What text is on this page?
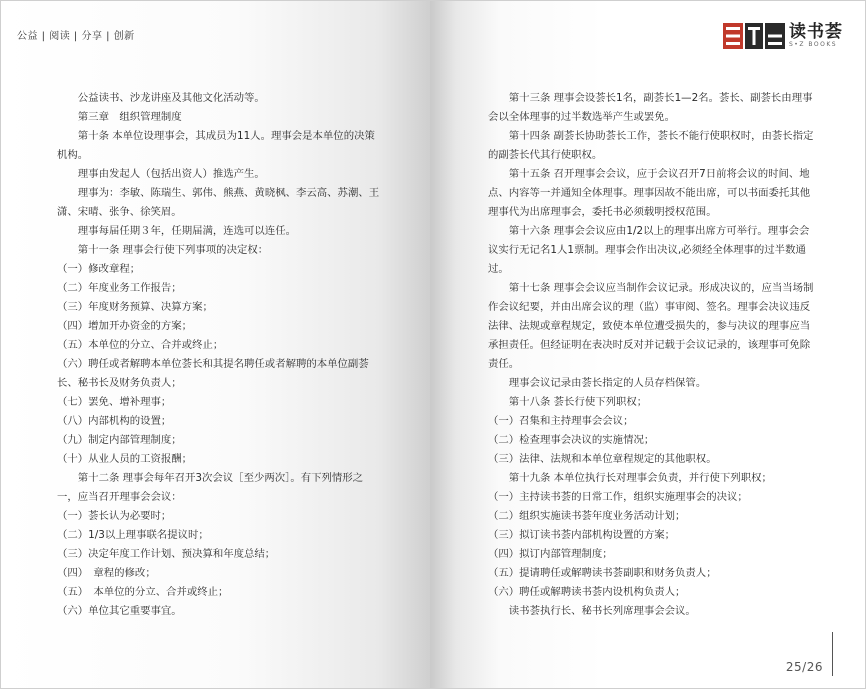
公益 | 阅读 | 分享 | 创新

公益读书、沙龙讲座及其他文化活动等。

第三章　组织管理制度

第十条 本单位设理事会，其成员为11人。理事会是本单位的决策机构。

理事由发起人（包括出资人）推选产生。

理事为：李敏、陈瑞生、郭伟、熊燕、黄晓枫、李云高、苏潮、王潇、宋晴、张争、徐笑眉。

理事每届任期３年，任期届满，连选可以连任。

第十一条 理事会行使下列事项的决定权：

（一）修改章程；

（二）年度业务工作报告；

（三）年度财务预算、决算方案；

（四）增加开办资金的方案；

（五）本单位的分立、合并或终止；

（六）聘任或者解聘本单位荟长和其提名聘任或者解聘的本单位副荟长、秘书长及财务负责人；

（七）罢免、增补理事；

（八）内部机构的设置；

（九）制定内部管理制度；

（十）从业人员的工资报酬；

第十二条 理事会每年召开3次会议［至少两次］。有下列情形之一，应当召开理事会会议：

（一）荟长认为必要时；

（二）1/3以上理事联名提议时；

（三）决定年度工作计划、预决算和年度总结；

（四）　章程的修改；

（五）　本单位的分立、合并或终止；

（六）单位其它重要事宜。

读书荟
S•Z BOOKS

第十三条 理事会设荟长1名，副荟长1—2名。荟长、副荟长由理事会以全体理事的过半数选举产生或罢免。

第十四条 副荟长协助荟长工作，荟长不能行使职权时，由荟长指定的副荟长代其行使职权。

第十五条 召开理事会会议，应于会议召开7日前将会议的时间、地点、内容等一并通知全体理事。理事因故不能出席，可以书面委托其他理事代为出席理事会，委托书必须载明授权范围。

第十六条 理事会会议应由1/2以上的理事出席方可举行。理事会会议实行无记名1人1票制。理事会作出决议,必须经全体理事的过半数通过。

第十七条 理事会会议应当制作会议记录。形成决议的，应当当场制作会议纪要，并由出席会议的理（监）事审阅、签名。理事会决议违反法律、法规或章程规定，致使本单位遭受损失的，参与决议的理事应当承担责任。但经证明在表决时反对并记载于会议记录的，该理事可免除责任。

理事会议记录由荟长指定的人员存档保管。

第十八条 荟长行使下列职权；

（一）召集和主持理事会会议；

（二）检查理事会决议的实施情况；

（三）法律、法规和本单位章程规定的其他职权。

第十九条 本单位执行长对理事会负责，并行使下列职权；

（一）主持读书荟的日常工作，组织实施理事会的决议；

（二）组织实施读书荟年度业务活动计划；

（三）拟订读书荟内部机构设置的方案；

（四）拟订内部管理制度；

（五）提请聘任或解聘读书荟副职和财务负责人；

（六）聘任或解聘读书荟内设机构负责人；

读书荟执行长、秘书长列席理事会会议。

25/26
